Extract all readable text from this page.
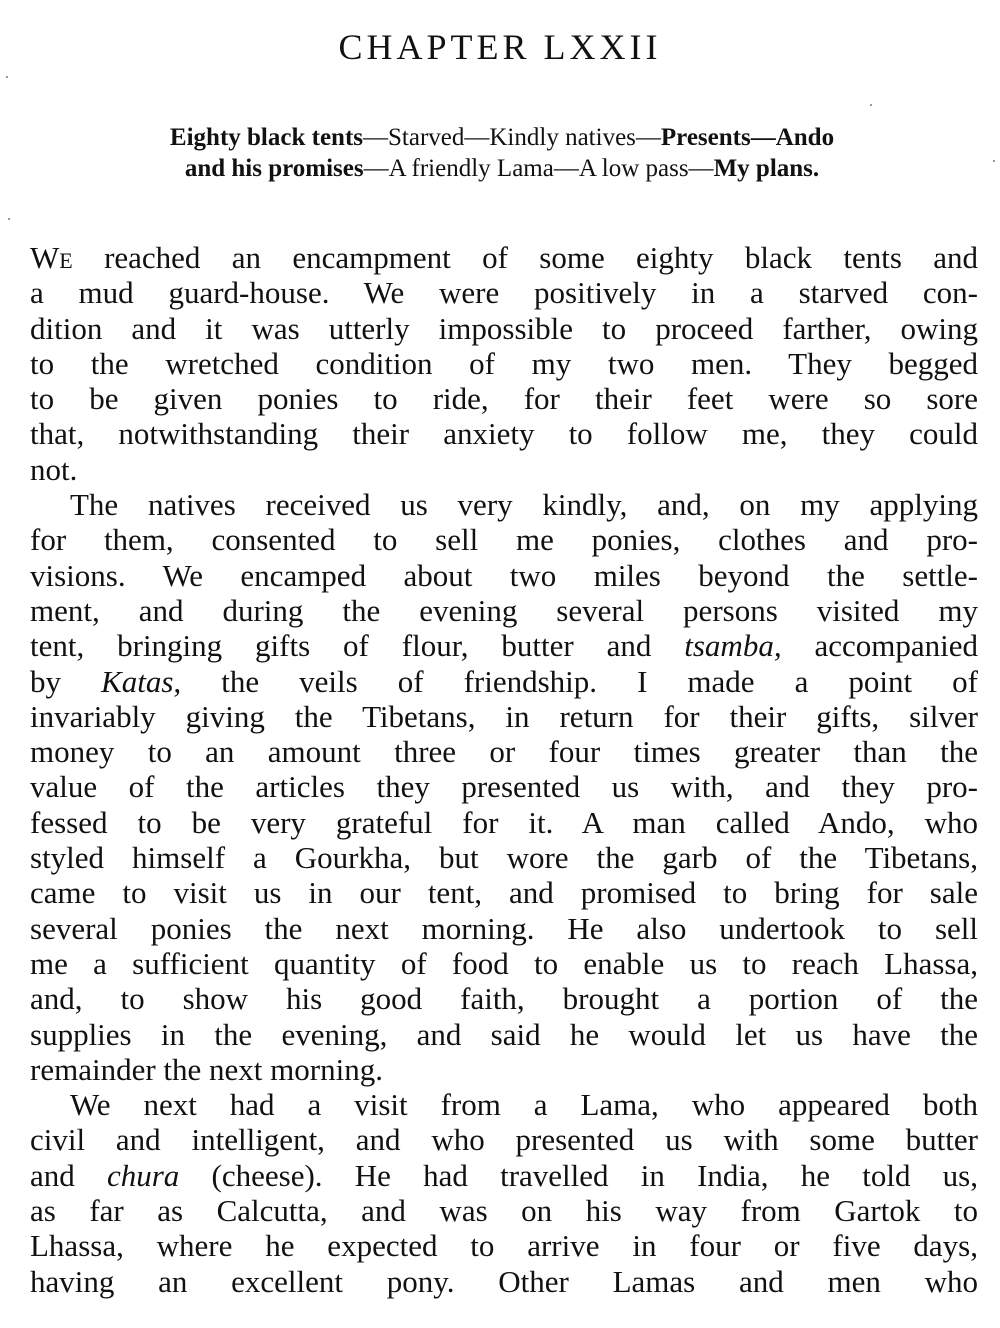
CHAPTER LXXII

Eighty black tents—Starved—Kindly natives—Presents—Ando
and his promises—A friendly Lama—A low pass—My plans.

We reached an encampment of some eighty black tents and
a mud guard-house. We were positively in a starved con-
dition and it was utterly impossible to proceed farther, owing
to the wretched condition of my two men. They begged
to be given ponies to ride, for their feet were so sore
that, notwithstanding their anxiety to follow me, they could
not.
The natives received us very kindly, and, on my applying
for them, consented to sell me ponies, clothes and pro-
visions. We encamped about two miles beyond the settle-
ment, and during the evening several persons visited my
tent, bringing gifts of flour, butter and tsamba, accompanied
by Katas, the veils of friendship. I made a point of
invariably giving the Tibetans, in return for their gifts, silver
money to an amount three or four times greater than the
value of the articles they presented us with, and they pro-
fessed to be very grateful for it. A man called Ando, who
styled himself a Gourkha, but wore the garb of the Tibetans,
came to visit us in our tent, and promised to bring for sale
several ponies the next morning. He also undertook to sell
me a sufficient quantity of food to enable us to reach Lhassa,
and, to show his good faith, brought a portion of the
supplies in the evening, and said he would let us have the
remainder the next morning.
We next had a visit from a Lama, who appeared both
civil and intelligent, and who presented us with some butter
and chura (cheese). He had travelled in India, he told us,
as far as Calcutta, and was on his way from Gartok to
Lhassa, where he expected to arrive in four or five days,
having an excellent pony. Other Lamas and men who
